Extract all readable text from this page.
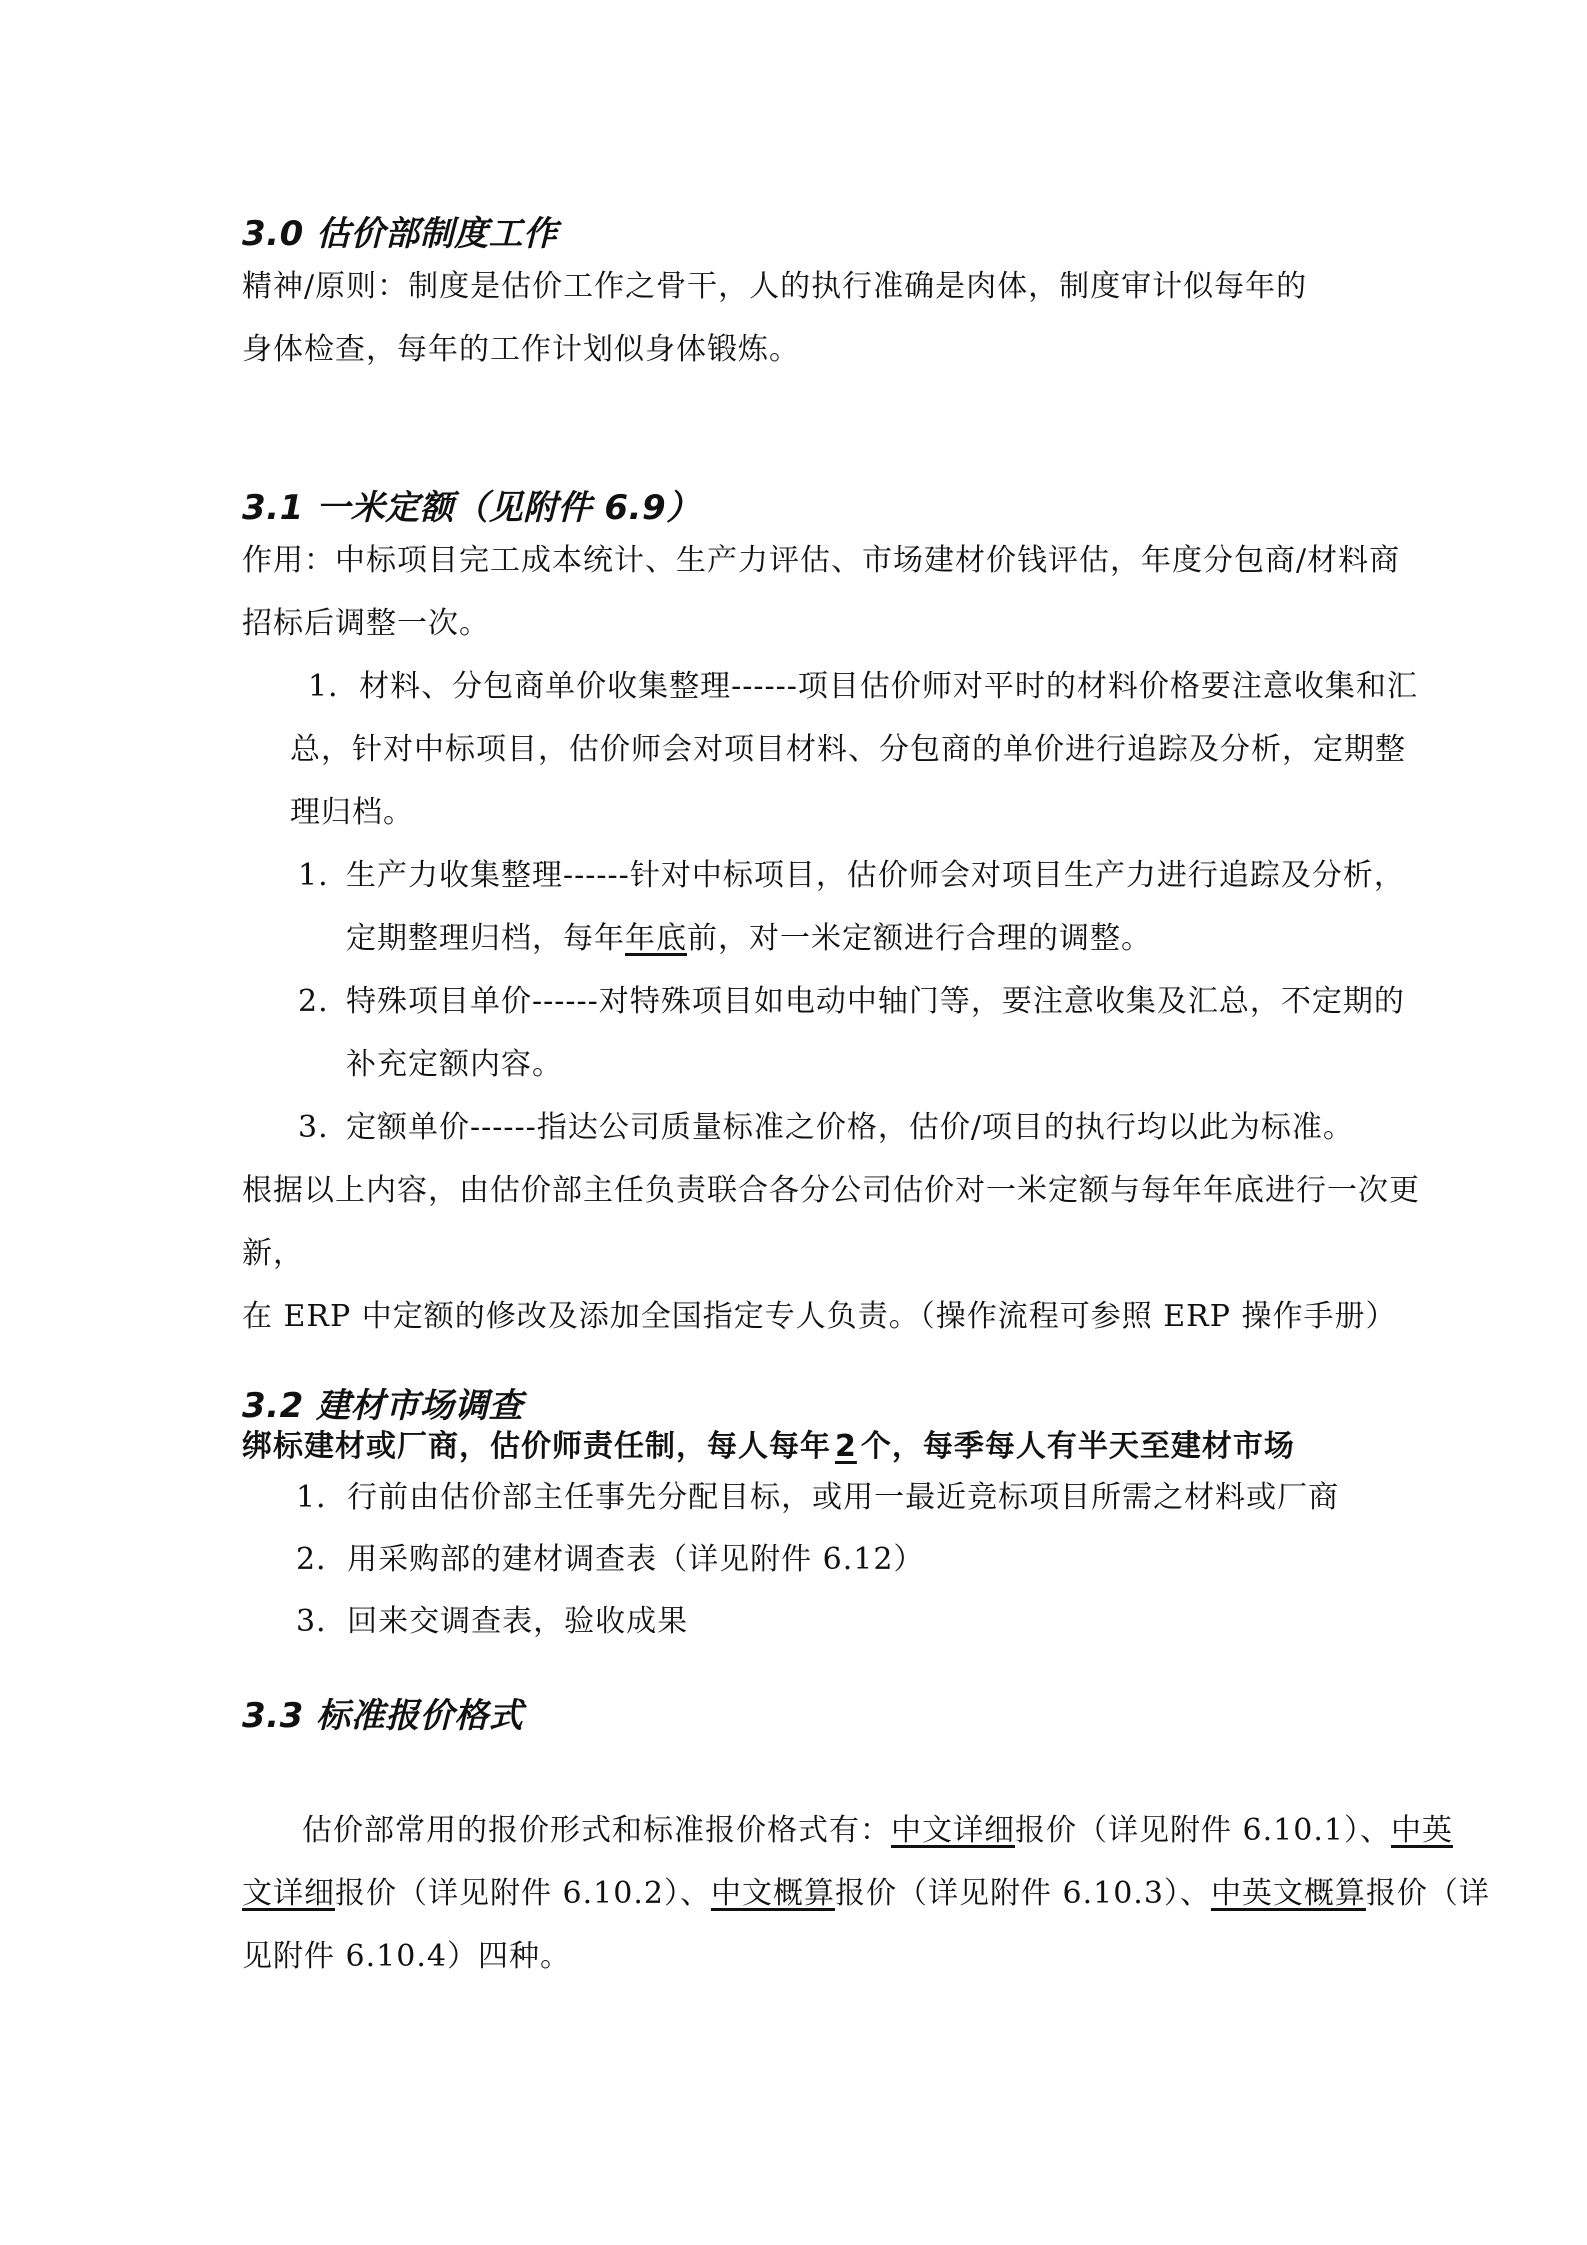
3.0 估价部制度工作
精神/原则：制度是估价工作之骨干，人的执行准确是肉体，制度审计似每年的
身体检查，每年的工作计划似身体锻炼。
3.1 一米定额（见附件 6.9）
作用：中标项目完工成本统计、生产力评估、市场建材价钱评估，年度分包商/材料商
招标后调整一次。
1．材料、分包商单价收集整理------项目估价师对平时的材料价格要注意收集和汇
总，针对中标项目，估价师会对项目材料、分包商的单价进行追踪及分析，定期整
理归档。
1. 生产力收集整理------针对中标项目，估价师会对项目生产力进行追踪及分析，
定期整理归档，每年年底前，对一米定额进行合理的调整。
2. 特殊项目单价------对特殊项目如电动中轴门等，要注意收集及汇总，不定期的
补充定额内容。
3. 定额单价------指达公司质量标准之价格，估价/项目的执行均以此为标准。
根据以上内容，由估价部主任负责联合各分公司估价对一米定额与每年年底进行一次更
新，
在 ERP 中定额的修改及添加全国指定专人负责。（操作流程可参照 ERP 操作手册）
3.2 建材市场调查
绑标建材或厂商，估价师责任制，每人每年 2 个，每季每人有半天至建材市场
1．行前由估价部主任事先分配目标，或用一最近竞标项目所需之材料或厂商
2．用采购部的建材调查表（详见附件 6.12）
3．回来交调查表，验收成果
3.3 标准报价格式
估价部常用的报价形式和标准报价格式有：中文详细报价（详见附件 6.10.1）、中英
文详细报价（详见附件 6.10.2）、中文概算报价（详见附件 6.10.3）、中英文概算报价（详
见附件 6.10.4）四种。
